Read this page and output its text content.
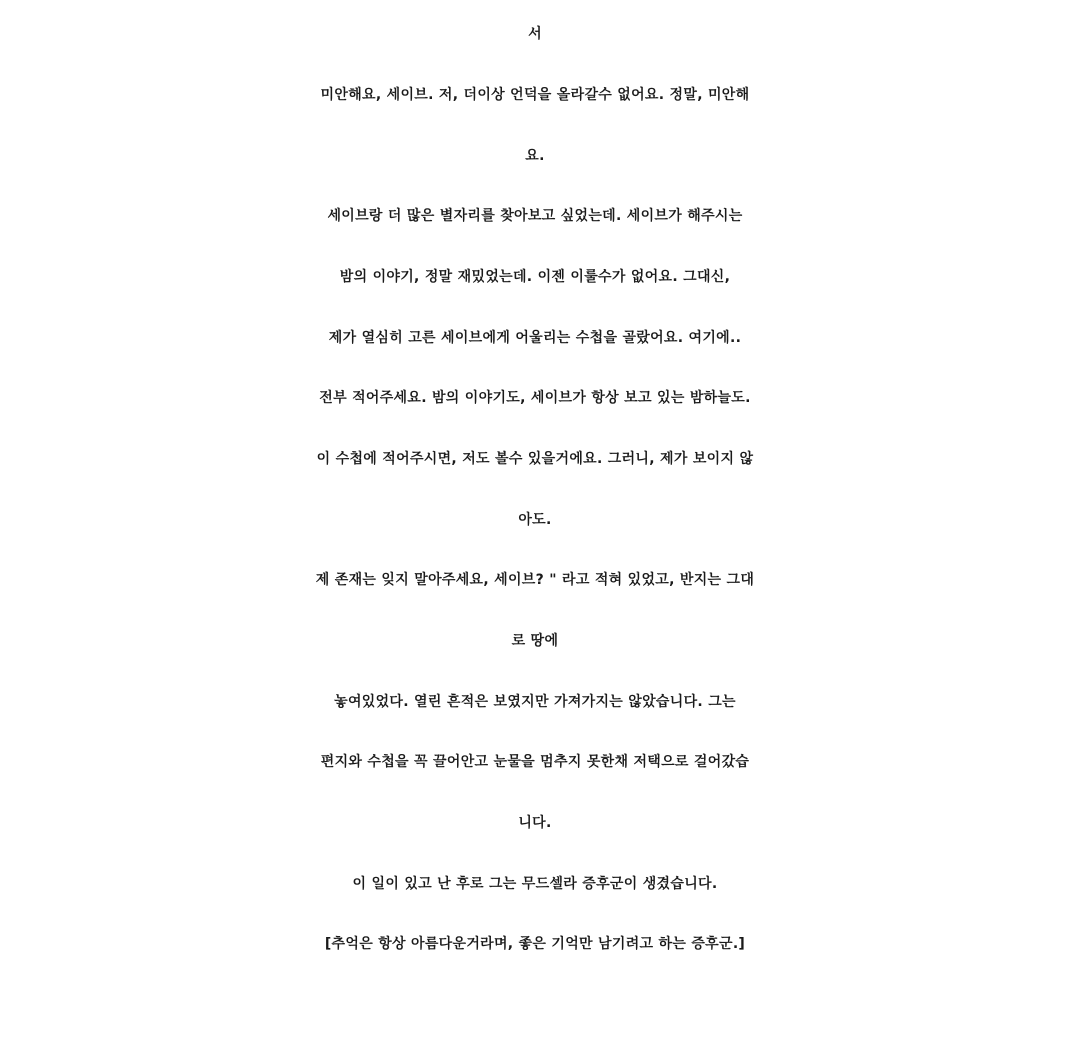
서
미안해요, 세이브. 저, 더이상 언덕을 올라갈수 없어요. 정말, 미안해
요.
세이브랑 더 많은 별자리를 찾아보고 싶었는데. 세이브가 해주시는
밤의 이야기, 정말 재밌었는데. 이젠 이룰수가 없어요. 그대신,
제가 열심히 고른 세이브에게 어울리는 수첩을 골랐어요. 여기에..
전부 적어주세요. 밤의 이야기도, 세이브가 항상 보고 있는 밤하늘도.
이 수첩에 적어주시면, 저도 볼수 있을거에요. 그러니, 제가 보이지 않
아도.
제 존재는 잊지 말아주세요, 세이브? " 라고 적혀 있었고, 반지는 그대
로 땅에
놓여있었다. 열린 흔적은 보였지만 가져가지는 않았습니다. 그는
편지와 수첩을 꼭 끌어안고 눈물을 멈추지 못한채 저택으로 걸어갔습
니다.
이 일이 있고 난 후로 그는 무드셀라 증후군이 생겼습니다.
[추억은 항상 아름다운거라며, 좋은 기억만 남기려고 하는 증후군.]
